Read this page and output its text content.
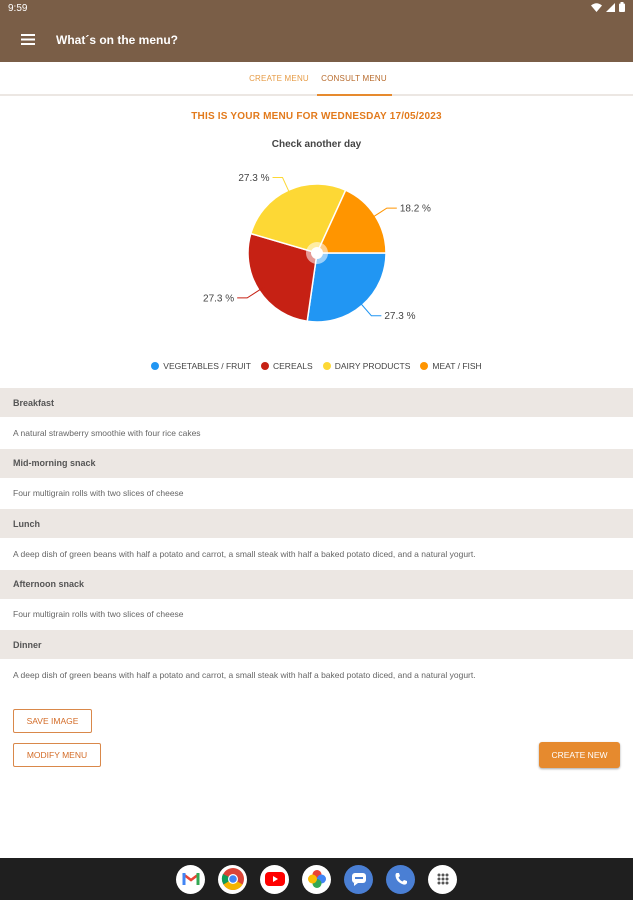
9:59
What´s on the menu?
CREATE MENU	CONSULT MENU
THIS IS YOUR MENU FOR WEDNESDAY 17/05/2023
Check another day
27.3 %
27.3 %
27.3 %
18.2 %
VEGETABLES / FRUIT	CEREALS	DAIRY PRODUCTS	MEAT / FISH
Breakfast
A natural strawberry smoothie with four rice cakes
Mid-morning snack
Four multigrain rolls with two slices of cheese
Lunch
A deep dish of green beans with half a potato and carrot, a small steak with half a baked potato diced, and a natural yogurt.
Afternoon snack
Four multigrain rolls with two slices of cheese
Dinner
A deep dish of green beans with half a potato and carrot, a small steak with half a baked potato diced, and a natural yogurt.
SAVE IMAGE
MODIFY MENU	CREATE NEW
